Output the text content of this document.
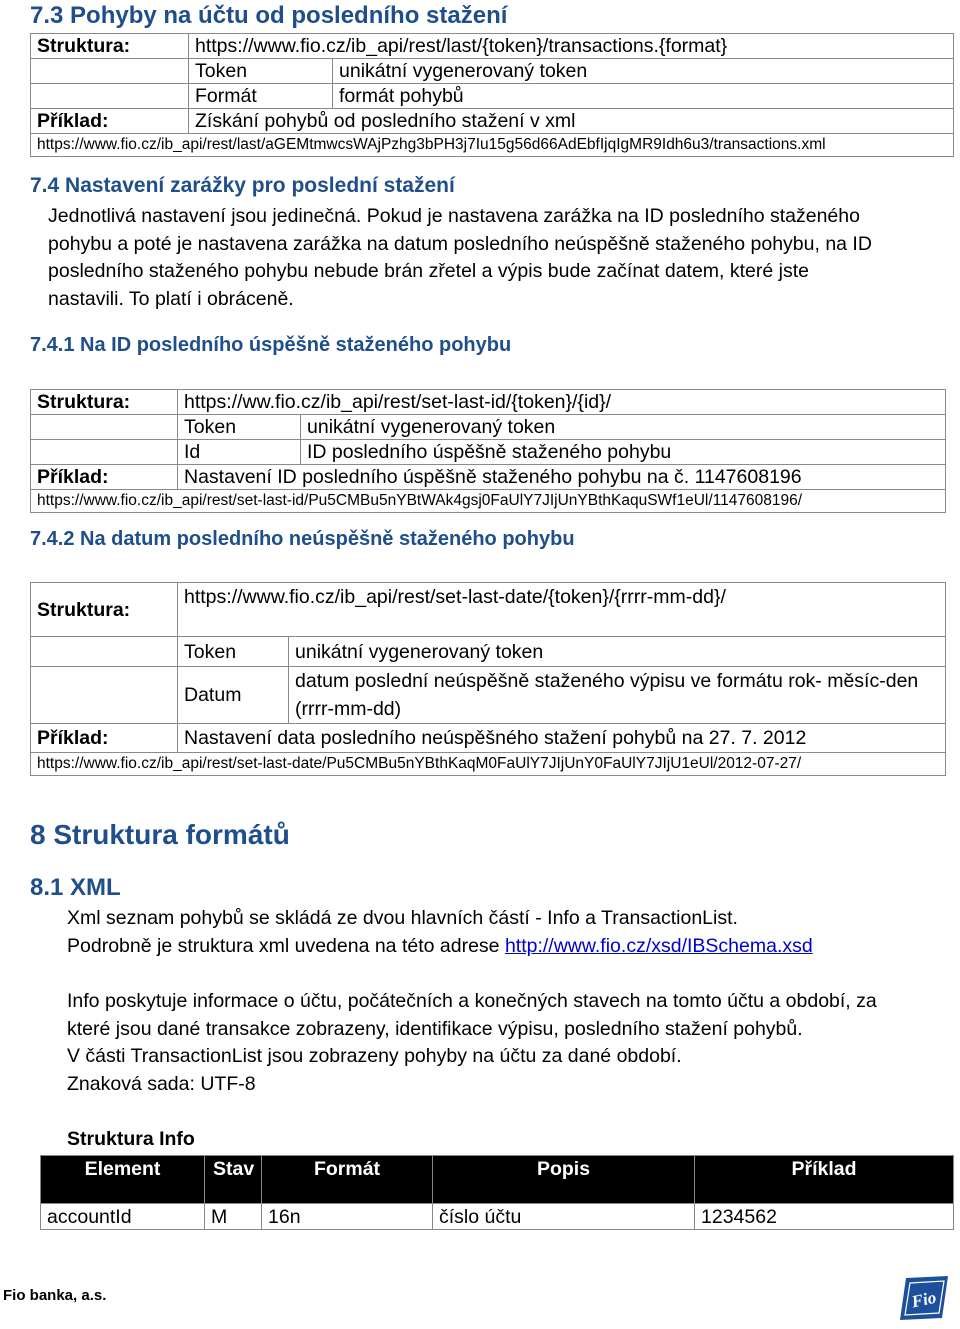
7.3 Pohyby na účtu od posledního stažení
Struktura:	https://www.fio.cz/ib_api/rest/last/{token}/transactions.{format}	
	Token	unikátní vygenerovaný token
	Formát	formát pohybů
Příklad:	Získání pohybů od posledního stažení v xml	
https://www.fio.cz/ib_api/rest/last/aGEMtmwcsWAjPzhg3bPH3j7Iu15g56d66AdEbfIjqIgMR9Idh6u3/transactions.xml		
7.4 Nastavení zarážky pro poslední stažení
Jednotlivá nastavení jsou jedinečná. Pokud je nastavena zarážka na ID posledního staženého
pohybu a poté je nastavena zarážka na datum posledního neúspěšně staženého pohybu, na ID
posledního staženého pohybu nebude brán zřetel a výpis bude začínat datem, které jste
nastavili. To platí i obráceně.
7.4.1 Na ID posledního úspěšně staženého pohybu
Struktura:	https://ww.fio.cz/ib_api/rest/set-last-id/{token}/{id}/	
	Token	unikátní vygenerovaný token
	Id	ID posledního úspěšně staženého pohybu
Příklad:	Nastavení ID posledního úspěšně staženého pohybu na č. 1147608196	
https://www.fio.cz/ib_api/rest/set-last-id/Pu5CMBu5nYBtWAk4gsj0FaUlY7JIjUnYBthKaquSWf1eUl/1147608196/		
7.4.2 Na datum posledního neúspěšně staženého pohybu
Struktura:	https://www.fio.cz/ib_api/rest/set-last-date/{token}/{rrrr-mm-dd}/	
	Token	unikátní vygenerovaný token
	Datum	datum poslední neúspěšně staženého výpisu ve formátu rok- měsíc-den (rrrr-mm-dd)
Příklad:	Nastavení data posledního neúspěšného stažení pohybů na 27. 7. 2012	
https://www.fio.cz/ib_api/rest/set-last-date/Pu5CMBu5nYBthKaqM0FaUlY7JIjUnY0FaUlY7JIjU1eUl/2012-07-27/		
8 Struktura formátů
8.1 XML
Xml seznam pohybů se skládá ze dvou hlavních částí - Info a TransactionList.
Podrobně je struktura xml uvedena na této adrese http://www.fio.cz/xsd/IBSchema.xsd
Info poskytuje informace o účtu, počátečních a konečných stavech na tomto účtu a období, za
které jsou dané transakce zobrazeny, identifikace výpisu, posledního stažení pohybů.
V části TransactionList jsou zobrazeny pohyby na účtu za dané období.
Znaková sada: UTF-8
Struktura Info
Element	Stav	Formát	Popis	Příklad
accountId	M	16n	číslo účtu	1234562
Fio banka, a.s.	Fio
